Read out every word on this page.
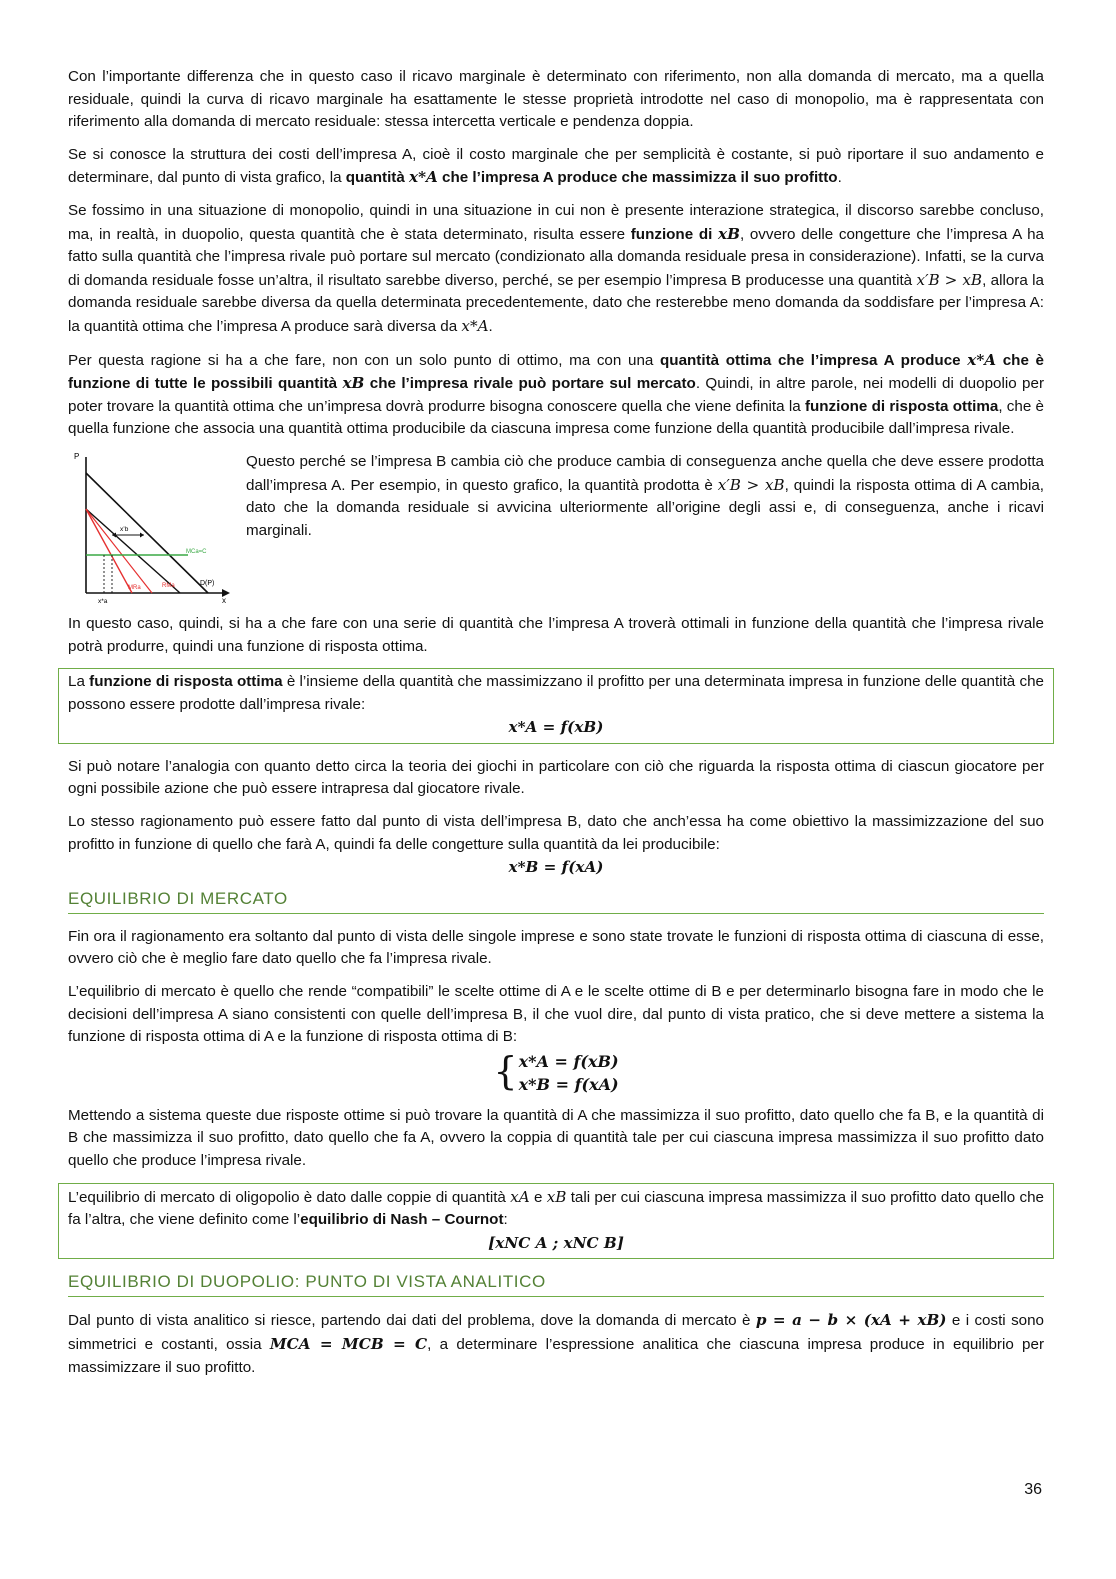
Con l’importante differenza che in questo caso il ricavo marginale è determinato con riferimento, non alla domanda di mercato, ma a quella residuale, quindi la curva di ricavo marginale ha esattamente le stesse proprietà introdotte nel caso di monopolio, ma è rappresentata con riferimento alla domanda di mercato residuale: stessa intercetta verticale e pendenza doppia.

Se si conosce la struttura dei costi dell’impresa A, cioè il costo marginale che per semplicità è costante, si può riportare il suo andamento e determinare, dal punto di vista grafico, la quantità x*A che l’impresa A produce che massimizza il suo profitto.

Se fossimo in una situazione di monopolio, quindi in una situazione in cui non è presente interazione strategica, il discorso sarebbe concluso, ma, in realtà, in duopolio, questa quantità che è stata determinato, risulta essere funzione di xB, ovvero delle congetture che l’impresa A ha fatto sulla quantità che l’impresa rivale può portare sul mercato (condizionato alla domanda residuale presa in considerazione). Infatti, se la curva di domanda residuale fosse un’altra, il risultato sarebbe diverso, perché, se per esempio l’impresa B producesse una quantità x′B > xB, allora la domanda residuale sarebbe diversa da quella determinata precedentemente, dato che resterebbe meno domanda da soddisfare per l’impresa A: la quantità ottima che l’impresa A produce sarà diversa da x*A.

Per questa ragione si ha a che fare, non con un solo punto di ottimo, ma con una quantità ottima che l’impresa A produce x*A che è funzione di tutte le possibili quantità xB che l’impresa rivale può portare sul mercato. Quindi, in altre parole, nei modelli di duopolio per poter trovare la quantità ottima che un’impresa dovrà produrre bisogna conoscere quella che viene definita la funzione di risposta ottima, che è quella funzione che associa una quantità ottima producibile da ciascuna impresa come funzione della quantità producibile dall’impresa rivale.

P
x
D(P)
MRa	RMa
MCa=C
x’b
x*a

Questo perché se l’impresa B cambia ciò che produce cambia di conseguenza anche quella che deve essere prodotta dall’impresa A. Per esempio, in questo grafico, la quantità prodotta è x′B > xB, quindi la risposta ottima di A cambia, dato che la domanda residuale si avvicina ulteriormente all’origine degli assi e, di conseguenza, anche i ricavi marginali.

In questo caso, quindi, si ha a che fare con una serie di quantità che l’impresa A troverà ottimali in funzione della quantità che l’impresa rivale potrà produrre, quindi una funzione di risposta ottima.

La funzione di risposta ottima è l’insieme della quantità che massimizzano il profitto per una determinata impresa in funzione delle quantità che possono essere prodotte dall’impresa rivale:

x*A = f(xB)

Si può notare l’analogia con quanto detto circa la teoria dei giochi in particolare con ciò che riguarda la risposta ottima di ciascun giocatore per ogni possibile azione che può essere intrapresa dal giocatore rivale.

Lo stesso ragionamento può essere fatto dal punto di vista dell’impresa B, dato che anch’essa ha come obiettivo la massimizzazione del suo profitto in funzione di quello che farà A, quindi fa delle congetture sulla quantità da lei producibile:

x*B = f(xA)

EQUILIBRIO DI MERCATO

Fin ora il ragionamento era soltanto dal punto di vista delle singole imprese e sono state trovate le funzioni di risposta ottima di ciascuna di esse, ovvero ciò che è meglio fare dato quello che fa l’impresa rivale.

L’equilibrio di mercato è quello che rende “compatibili” le scelte ottime di A e le scelte ottime di B e per determinarlo bisogna fare in modo che le decisioni dell’impresa A siano consistenti con quelle dell’impresa B, il che vuol dire, dal punto di vista pratico, che si deve mettere a sistema la funzione di risposta ottima di A e la funzione di risposta ottima di B:

{x*A = f(xB)
x*B = f(xA)

Mettendo a sistema queste due risposte ottime si può trovare la quantità di A che massimizza il suo profitto, dato quello che fa B, e la quantità di B che massimizza il suo profitto, dato quello che fa A, ovvero la coppia di quantità tale per cui ciascuna impresa massimizza il suo profitto dato quello che produce l’impresa rivale.

L’equilibrio di mercato di oligopolio è dato dalle coppie di quantità xA e xB tali per cui ciascuna impresa massimizza il suo profitto dato quello che fa l’altra, che viene definito come l’equilibrio di Nash – Cournot:

[xNC A ; xNC B]

EQUILIBRIO DI DUOPOLIO: PUNTO DI VISTA ANALITICO

Dal punto di vista analitico si riesce, partendo dai dati del problema, dove la domanda di mercato è p = a − b × (xA + xB) e i costi sono simmetrici e costanti, ossia MCA = MCB = C, a determinare l’espressione analitica che ciascuna impresa produce in equilibrio per massimizzare il suo profitto.

36
